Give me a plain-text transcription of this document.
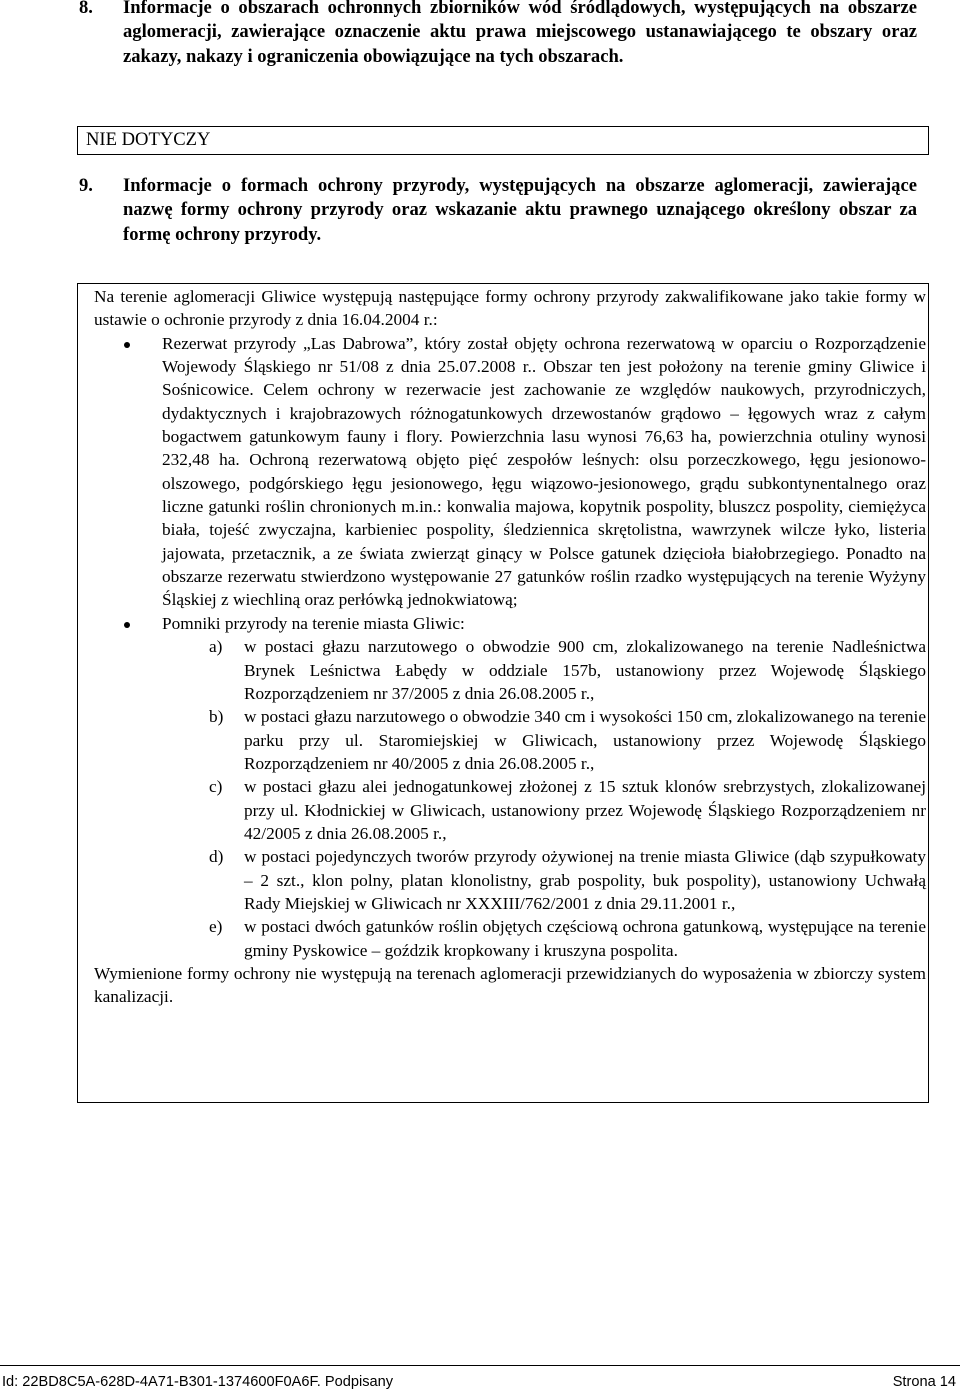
8. Informacje o obszarach ochronnych zbiorników wód śródlądowych, występujących na obszarze aglomeracji, zawierające oznaczenie aktu prawa miejscowego ustanawiającego te obszary oraz zakazy, nakazy i ograniczenia obowiązujące na tych obszarach.
NIE DOTYCZY
9. Informacje o formach ochrony przyrody, występujących na obszarze aglomeracji, zawierające nazwę formy ochrony przyrody oraz wskazanie aktu prawnego uznającego określony obszar za formę ochrony przyrody.

Na terenie aglomeracji Gliwice występują następujące formy ochrony przyrody zakwalifikowane jako takie formy w ustawie o ochronie przyrody z dnia 16.04.2004 r.:

Rezerwat przyrody „Las Dabrowa”, który został objęty ochrona rezerwatową w oparciu o Rozporządzenie Wojewody Śląskiego nr 51/08 z dnia 25.07.2008 r.. Obszar ten jest położony na terenie gminy Gliwice i Sośnicowice. Celem ochrony w rezerwacie jest zachowanie ze względów naukowych, przyrodniczych, dydaktycznych i krajobrazowych różnogatunkowych drzewostanów grądowo – łęgowych wraz z całym bogactwem gatunkowym fauny i flory. Powierzchnia lasu wynosi 76,63 ha, powierzchnia otuliny wynosi 232,48 ha. Ochroną rezerwatową objęto pięć zespołów leśnych: olsu porzeczkowego, łęgu jesionowo-olszowego, podgórskiego łęgu jesionowego, łęgu wiązowo-jesionowego, grądu subkontynentalnego oraz liczne gatunki roślin chronionych m.in.: konwalia majowa, kopytnik pospolity, bluszcz pospolity, ciemiężyca biała, tojeść zwyczajna, karbieniec pospolity, śledziennica skrętolistna, wawrzynek wilcze łyko, listeria jajowata, przetacznik, a ze świata zwierząt ginący w Polsce gatunek dzięcioła białobrzegiego. Ponadto na obszarze rezerwatu stwierdzono występowanie 27 gatunków roślin rzadko występujących na terenie Wyżyny Śląskiej z wiechliną oraz perłówką jednokwiatową;
Pomniki przyrody na terenie miasta Gliwic:
a) w postaci głazu narzutowego o obwodzie 900 cm, zlokalizowanego na terenie Nadleśnictwa Brynek Leśnictwa Łabędy w oddziale 157b, ustanowiony przez Wojewodę Śląskiego Rozporządzeniem nr 37/2005 z dnia 26.08.2005 r.,
b) w postaci głazu narzutowego o obwodzie 340 cm i wysokości 150 cm, zlokalizowanego na terenie parku przy ul. Staromiejskiej w Gliwicach, ustanowiony przez Wojewodę Śląskiego Rozporządzeniem nr 40/2005 z dnia 26.08.2005 r.,
c) w postaci głazu alei jednogatunkowej złożonej z 15 sztuk klonów srebrzystych, zlokalizowanej przy ul. Kłodnickiej w Gliwicach, ustanowiony przez Wojewodę Śląskiego Rozporządzeniem nr 42/2005 z dnia 26.08.2005 r.,
d) w postaci pojedynczych tworów przyrody ożywionej na trenie miasta Gliwice (dąb szypułkowaty – 2 szt., klon polny, platan klonolistny, grab pospolity, buk pospolity), ustanowiony Uchwałą Rady Miejskiej w Gliwicach nr XXXIII/762/2001 z dnia 29.11.2001 r.,
e) w postaci dwóch gatunków roślin objętych częściową ochrona gatunkową, występujące na terenie gminy Pyskowice – goździk kropkowany i kruszyna pospolita.

Wymienione formy ochrony nie występują na terenach aglomeracji przewidzianych do wyposażenia w zbiorczy system kanalizacji.

Id: 22BD8C5A-628D-4A71-B301-1374600F0A6F. Podpisany	Strona 14
